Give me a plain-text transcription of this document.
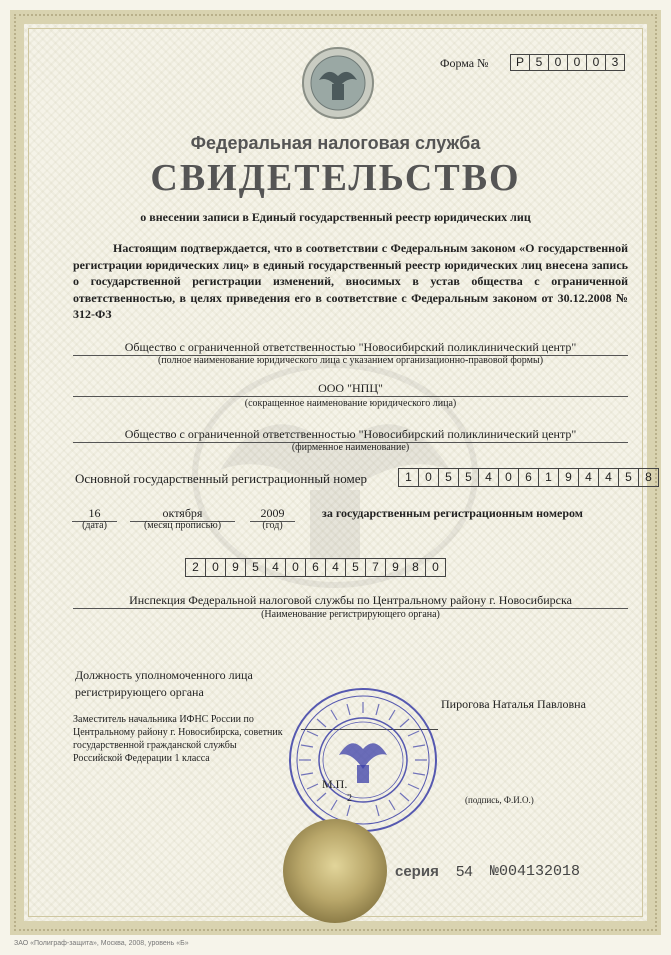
Форма №	Р 5	0	0	0	3
Федеральная налоговая служба
СВИДЕТЕЛЬСТВО
о внесении записи в Единый государственный реестр юридических лиц
Настоящим подтверждается, что в соответствии с Федеральным законом «О государственной регистрации юридических лиц» в единый государственный реестр юридических лиц внесена запись о государственной регистрации изменений, вносимых в устав общества с ограниченной ответственностью, в целях приведения его в соответствие с Федеральным законом от 30.12.2008 № 312-ФЗ
Общество с ограниченной ответственностью "Новосибирский поликлинический центр"
(полное наименование юридического лица с указанием организационно-правовой формы)
ООО "НПЦ"
(сокращенное наименование юридического лица)
Общество с ограниченной ответственностью "Новосибирский поликлинический центр"
(фирменное наименование)
Основной государственный регистрационный номер	1	0	5	5	4	0	6	1	9	4	4	5	8
16
(дата)
октября
(месяц прописью)
2009
(год)
за государственным регистрационным номером
2	0	9	5	4	0	6	4	5	7	9	8	0
Инспекция Федеральной налоговой службы по Центральному району г. Новосибирска
(Наименование регистрирующего органа)
Должность уполномоченного лица регистрирующего органа
Заместитель начальника ИФНС России по Центральному району г. Новосибирска, советник государственной гражданской службы Российской Федерации 1 класса
Пирогова Наталья Павловна
(подпись, Ф.И.О.)
М.П.
2
серия 54 №004132018
ЗАО «Полиграф-защита», Москва, 2008, уровень «Б»
